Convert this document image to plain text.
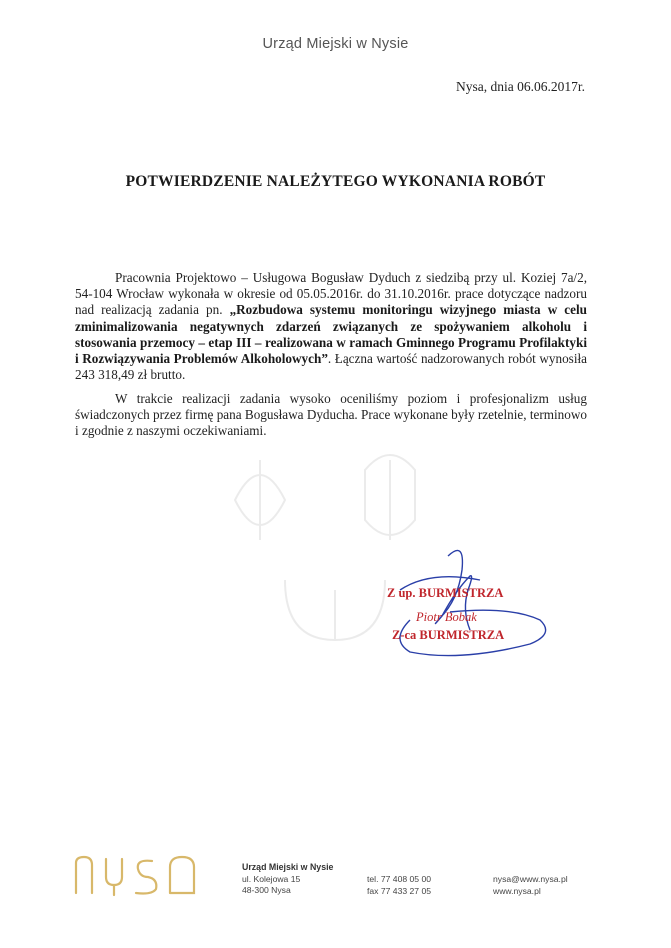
Urząd Miejski w Nysie
Nysa, dnia 06.06.2017r.
POTWIERDZENIE NALEŻYTEGO WYKONANIA ROBÓT
Pracownia Projektowo – Usługowa Bogusław Dyduch z siedzibą przy ul. Koziej 7a/2, 54-104 Wrocław wykonała w okresie od 05.05.2016r. do 31.10.2016r. prace dotyczące nadzoru nad realizacją zadania pn. „Rozbudowa systemu monitoringu wizyjnego miasta w celu zminimalizowania negatywnych zdarzeń związanych ze spożywaniem alkoholu i stosowania przemocy – etap III – realizowana w ramach Gminnego Programu Profilaktyki i Rozwiązywania Problemów Alkoholowych”. Łączna wartość nadzorowanych robót wynosiła 243 318,49 zł brutto.
W trakcie realizacji zadania wysoko oceniliśmy poziom i profesjonalizm usług świadczonych przez firmę pana Bogusława Dyducha. Prace wykonane były rzetelnie, terminowo i zgodnie z naszymi oczekiwaniami.
Z up. BURMISTRZA
Piotr Bobak
Z-ca BURMISTRZA
Urząd Miejski w Nysie
ul. Kolejowa 15
48-300 Nysa
tel. 77 408 05 00
fax 77 433 27 05
nysa@www.nysa.pl
www.nysa.pl
